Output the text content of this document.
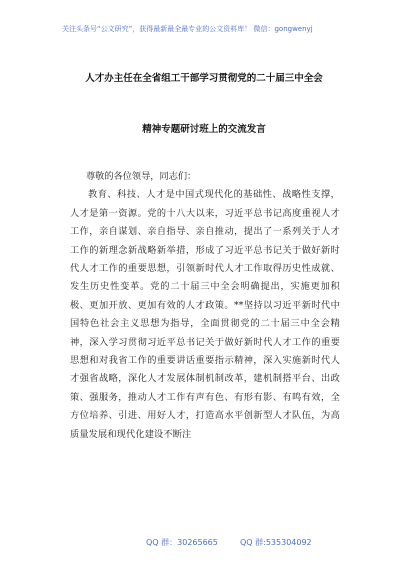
关注头条号“公文研究”，获得最新最全最专业的公文资料库！ 微信：gongwenyj
人才办主任在全省组工干部学习贯彻党的二十届三中全会
精神专题研讨班上的交流发言

尊敬的各位领导，同志们：

教育、科技、人才是中国式现代化的基础性、战略性支撑，人才是第一资源。党的十八大以来，习近平总书记高度重视人才工作，亲自谋划、亲自指导、亲自推动，提出了一系列关于人才工作的新理念新战略新举措，形成了习近平总书记关于做好新时代人才工作的重要思想，引领新时代人才工作取得历史性成就、发生历史性变革。党的二十届三中全会明确提出，实施更加积极、更加开放、更加有效的人才政策。**坚持以习近平新时代中国特色社会主义思想为指导，全面贯彻党的二十届三中全会精神，深入学习贯彻习近平总书记关于做好新时代人才工作的重要思想和对我省工作的重要讲话重要指示精神，深入实施新时代人才强省战略，深化人才发展体制机制改革，建机制搭平台、出政策、强服务，推动人才工作有声有色、有形有影、有鸣有效，全方位培养、引进、用好人才，打造高水平创新型人才队伍，为高质量发展和现代化建设不断注

QQ 群：30265665	QQ 群:535304092
